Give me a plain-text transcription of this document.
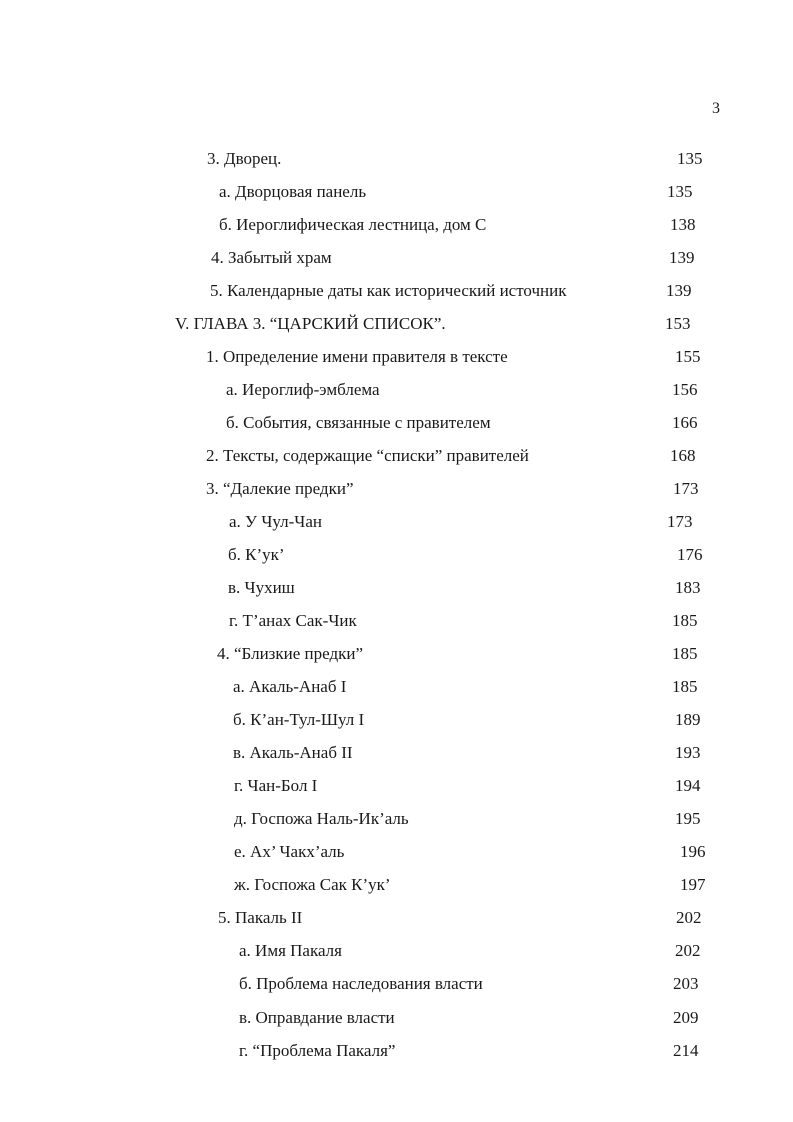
3
3. Дворец.	135
а. Дворцовая панель	135
б. Иероглифическая лестница, дом С	138
4. Забытый храм	139
5. Календарные даты как исторический источник	139
V. ГЛАВА 3. “ЦАРСКИЙ СПИСОК”.	153
1. Определение имени правителя в тексте	155
а. Иероглиф-эмблема	156
б. События, связанные с правителем	166
2. Тексты, содержащие “списки” правителей	168
3. “Далекие предки”	173
а. У Чул-Чан	173
б. К’ук’	176
в. Чухиш	183
г. Т’анах Сак-Чик	185
4. “Близкие предки”	185
а. Акаль-Анаб I	185
б. К’ан-Тул-Шул I	189
в. Акаль-Анаб II	193
г. Чан-Бол I	194
д. Госпожа Наль-Ик’аль	195
е. Ах’ Чакх’аль	196
ж. Госпожа Сак К’ук’	197
5. Пакаль II	202
а. Имя Пакаля	202
б. Проблема наследования власти	203
в. Оправдание власти	209
г. “Проблема Пакаля”	214
